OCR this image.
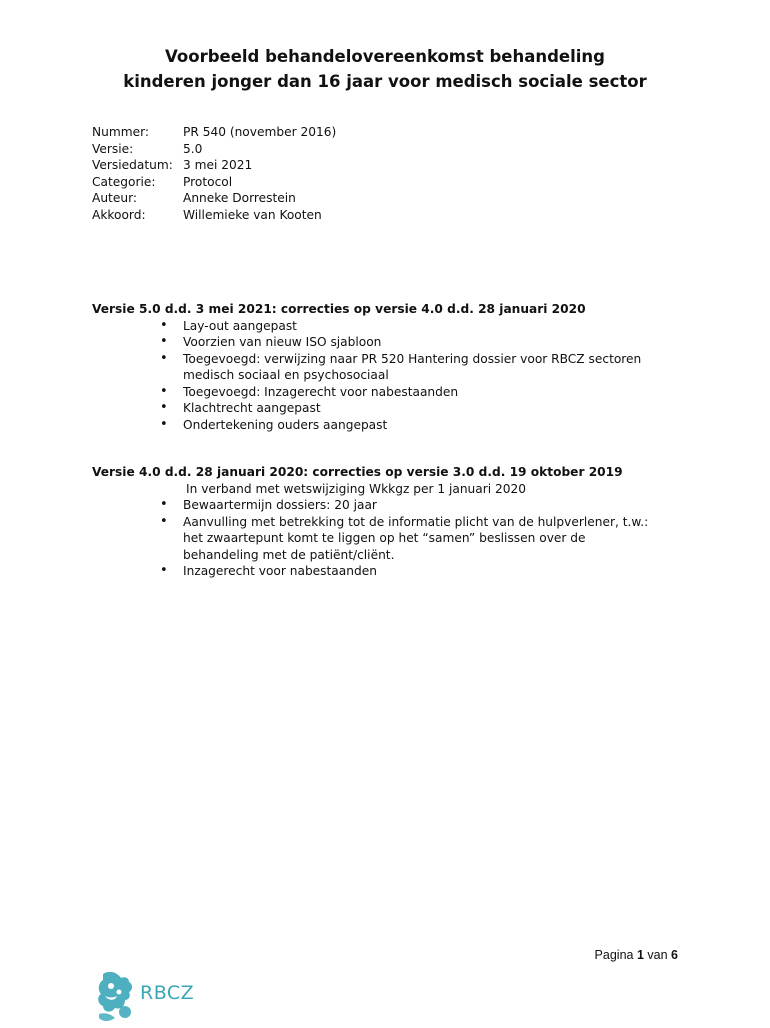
Voorbeeld behandelovereenkomst behandeling
kinderen jonger dan 16 jaar voor medisch sociale sector
Nummer:	PR 540 (november 2016)
Versie:	5.0
Versiedatum: 3 mei 2021
Categorie:	Protocol
Auteur:	Anneke Dorrestein
Akkoord:	Willemieke van Kooten
Versie 5.0 d.d. 3 mei 2021: correcties op versie 4.0 d.d. 28 januari 2020
• Lay-out aangepast
• Voorzien van nieuw ISO sjabloon
• Toegevoegd: verwijzing naar PR 520 Hantering dossier voor RBCZ sectoren medisch sociaal en psychosociaal
• Toegevoegd: Inzagerecht voor nabestaanden
• Klachtrecht aangepast
• Ondertekening ouders aangepast
Versie 4.0 d.d. 28 januari 2020: correcties op versie 3.0 d.d. 19 oktober 2019
In verband met wetswijziging Wkkgz per 1 januari 2020
• Bewaartermijn dossiers: 20 jaar
• Aanvulling met betrekking tot de informatie plicht van de hulpverlener, t.w.: het zwaartepunt komt te liggen op het “samen” beslissen over de behandeling met de patiënt/cliënt.
• Inzagerecht voor nabestaanden
Pagina 1 van 6
RBCZ
